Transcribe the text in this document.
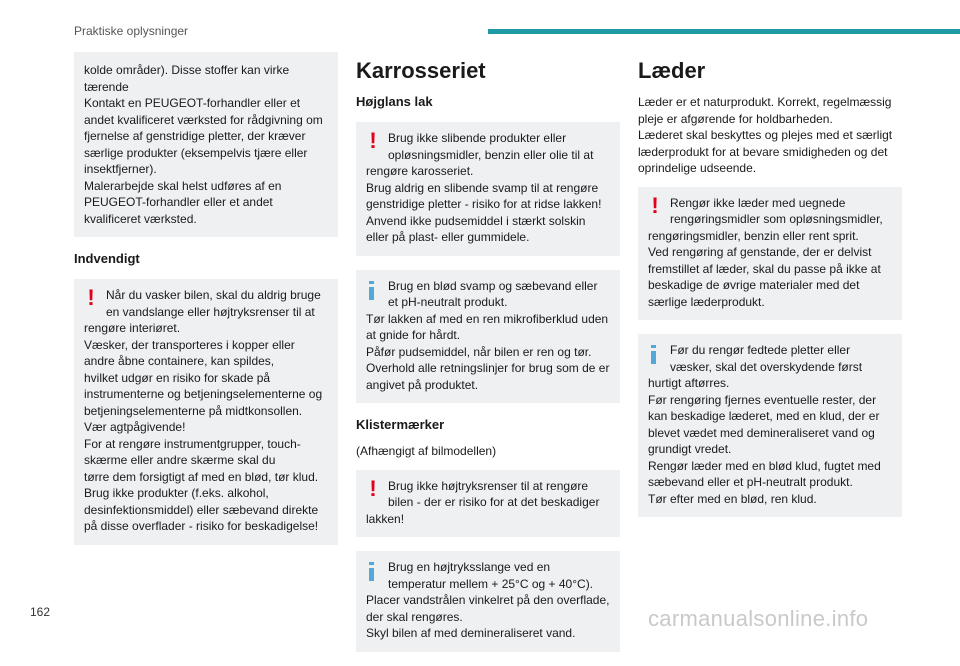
Praktiske oplysninger

kolde områder). Disse stoffer kan virke tærende
Kontakt en PEUGEOT-forhandler eller et andet kvalificeret værksted for rådgivning om fjernelse af genstridige pletter, der kræver særlige produkter (eksempelvis tjære eller insektfjerner).
Malerarbejde skal helst udføres af en PEUGEOT-forhandler eller et andet kvalificeret værksted.

Indvendigt
! Når du vasker bilen, skal du aldrig bruge en vandslange eller højtryksrenser til at

rengøre interiøret.
Væsker, der transporteres i kopper eller andre åbne containere, kan spildes,
hvilket udgør en risiko for skade på instrumenterne og betjeningselementerne og betjeningselementerne på midtkonsollen. Vær agtpågivende!
For at rengøre instrumentgrupper, touch-skærme eller andre skærme skal du
tørre dem forsigtigt af med en blød, tør klud. Brug ikke produkter (f.eks. alkohol, desinfektionsmiddel) eller sæbevand direkte på disse overflader - risiko for beskadigelse!

Karrosseriet
Højglans lak
! Brug ikke slibende produkter eller opløsningsmidler, benzin eller olie til at

rengøre karosseriet.
Brug aldrig en slibende svamp til at rengøre genstridige pletter - risiko for at ridse lakken!
Anvend ikke pudsemiddel i stærkt solskin eller på plast- eller gummidele.

Brug en blød svamp og sæbevand eller et pH-neutralt produkt.

Tør lakken af med en ren mikrofiberklud uden at gnide for hårdt.
Påfør pudsemiddel, når bilen er ren og tør.
Overhold alle retningslinjer for brug som de er angivet på produktet.

Klistermærker

(Afhængigt af bilmodellen)

! Brug ikke højtryksrenser til at rengøre bilen - der er risiko for at det beskadiger

lakken!

Brug en højtryksslange ved en temperatur mellem + 25°C og + 40°C).

Placer vandstrålen vinkelret på den overflade, der skal rengøres.
Skyl bilen af med demineraliseret vand.

Læder

Læder er et naturprodukt. Korrekt, regelmæssig pleje er afgørende for holdbarheden.
Læderet skal beskyttes og plejes med et særligt læderprodukt for at bevare smidigheden og det oprindelige udseende.

! Rengør ikke læder med uegnede rengøringsmidler som opløsningsmidler,

rengøringsmidler, benzin eller rent sprit.
Ved rengøring af genstande, der er delvist fremstillet af læder, skal du passe på ikke at beskadige de øvrige materialer med det særlige læderprodukt.

Før du rengør fedtede pletter eller væsker, skal det overskydende først

hurtigt aftørres.
Før rengøring fjernes eventuelle rester, der kan beskadige læderet, med en klud, der er blevet vædet med demineraliseret vand og grundigt vredet.
Rengør læder med en blød klud, fugtet med sæbevand eller et pH-neutralt produkt.
Tør efter med en blød, ren klud.

162	carmanualsonline.info
